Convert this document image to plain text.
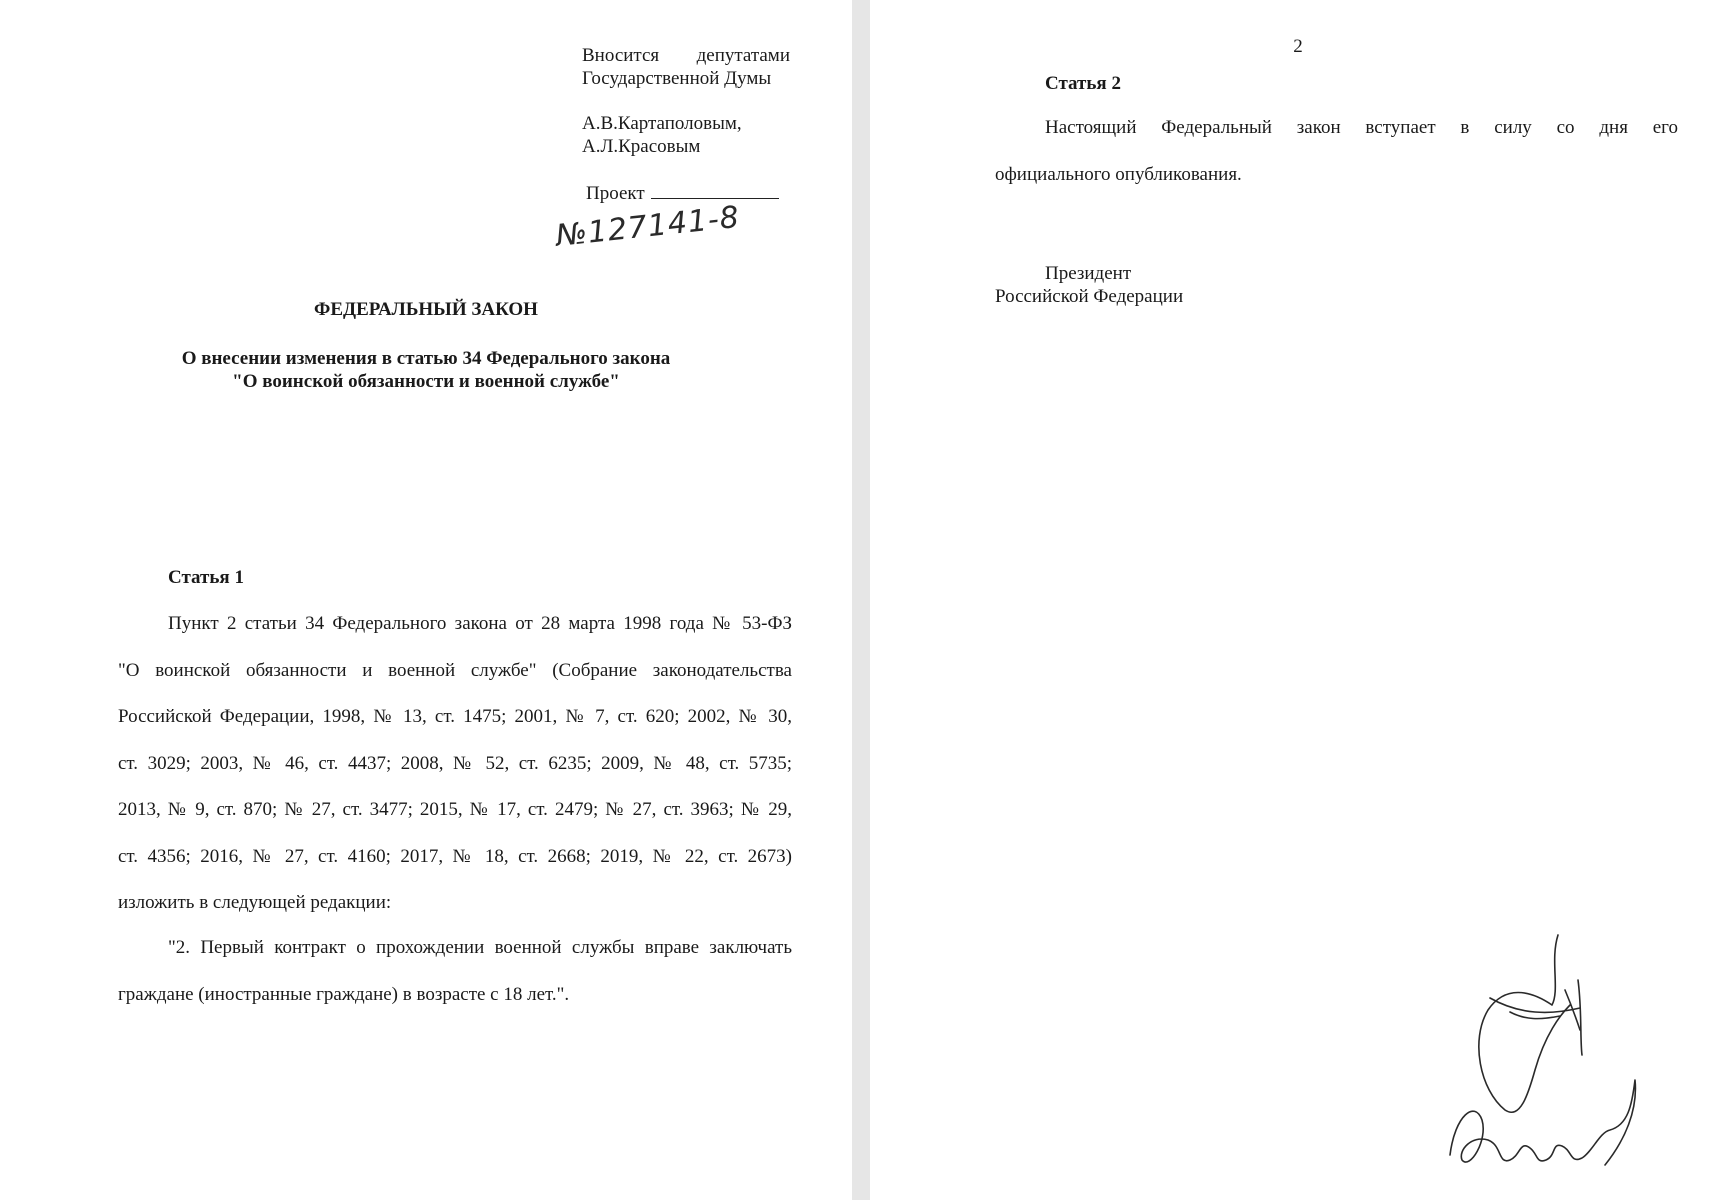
Вносится депутатами
Государственной Думы
А.В.Картаполовым,
А.Л.Красовым
Проект
№127141-8
ФЕДЕРАЛЬНЫЙ ЗАКОН
О внесении изменения в статью 34 Федерального закона
"О воинской обязанности и военной службе"
Статья 1

Пункт 2 статьи 34 Федерального закона от 28 марта 1998 года № 53-ФЗ

"О воинской обязанности и военной службе" (Собрание законодательства

Российской Федерации, 1998, № 13, ст. 1475; 2001, № 7, ст. 620; 2002, № 30,

ст. 3029; 2003, № 46, ст. 4437; 2008, № 52, ст. 6235; 2009, № 48, ст. 5735;

2013, № 9, ст. 870; № 27, ст. 3477; 2015, № 17, ст. 2479; № 27, ст. 3963; № 29,

ст. 4356; 2016, № 27, ст. 4160; 2017, № 18, ст. 2668; 2019, № 22, ст. 2673)

изложить в следующей редакции:

"2. Первый контракт о прохождении военной службы вправе заключать

граждане (иностранные граждане) в возрасте с 18 лет.".

2
Статья 2

Настоящий Федеральный закон вступает в силу со дня его

официального опубликования.

Президент
Российской Федерации
